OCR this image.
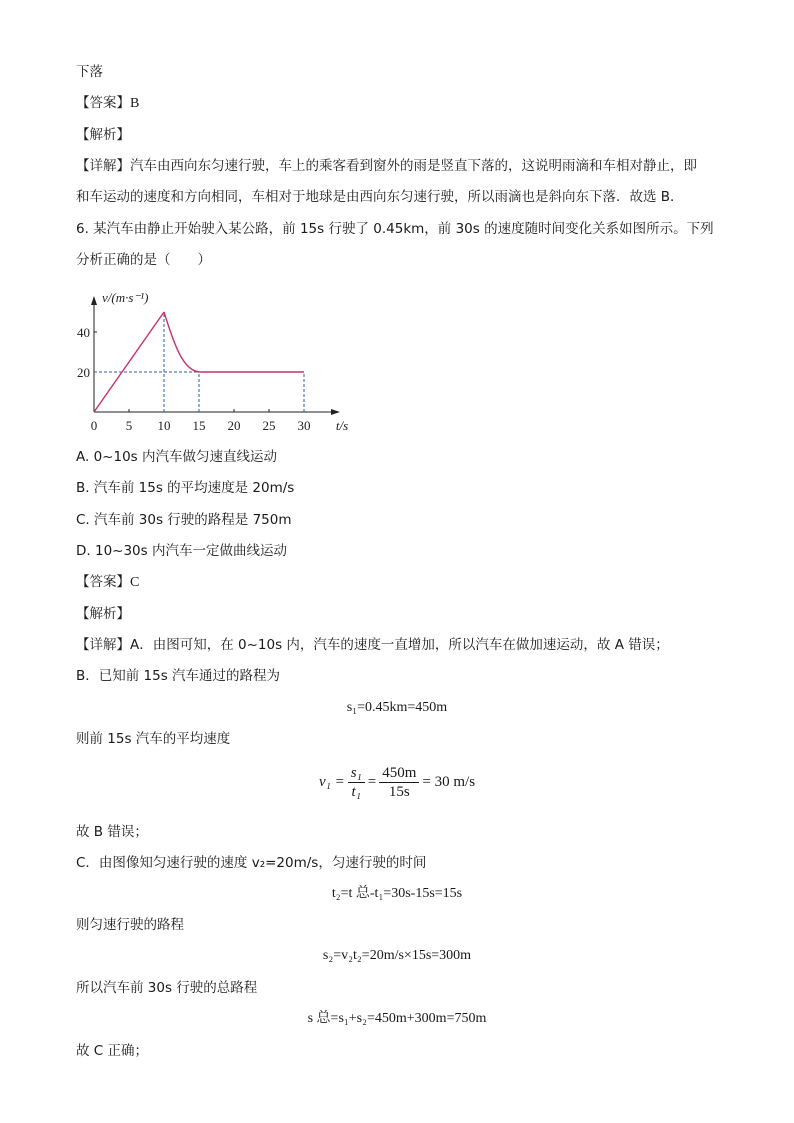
下落
【答案】B
【解析】
【详解】汽车由西向东匀速行驶，车上的乘客看到窗外的雨是竖直下落的，这说明雨滴和车相对静止，即
和车运动的速度和方向相同，车相对于地球是由西向东匀速行驶，所以雨滴也是斜向东下落．故选 B．
6. 某汽车由静止开始驶入某公路，前 15s 行驶了 0.45km，前 30s 的速度随时间变化关系如图所示。下列
分析正确的是（　　）
0 5 10 15 20 25 30
20
40
v/(m·s⁻¹)
t/s
A. 0~10s 内汽车做匀速直线运动
B. 汽车前 15s 的平均速度是 20m/s
C. 汽车前 30s 行驶的路程是 750m
D. 10~30s 内汽车一定做曲线运动
【答案】C
【解析】
【详解】A．由图可知，在 0~10s 内，汽车的速度一直增加，所以汽车在做加速运动，故 A 错误；
B．已知前 15s 汽车通过的路程为
s₁=0.45km=450m
则前 15s 汽车的平均速度
$v_1 = \frac{\text{s₁}}{\text{t₁}} = \frac{450m}{15s} = 30$ m/s
故 B 错误；
C．由图像知匀速行驶的速度 v₂=20m/s，匀速行驶的时间
t₂=t 总-t₁=30s-15s=15s
则匀速行驶的路程
s₂=v₂t₂=20m/s×15s=300m
所以汽车前 30s 行驶的总路程
s 总=s₁+s₂=450m+300m=750m
故 C 正确；
